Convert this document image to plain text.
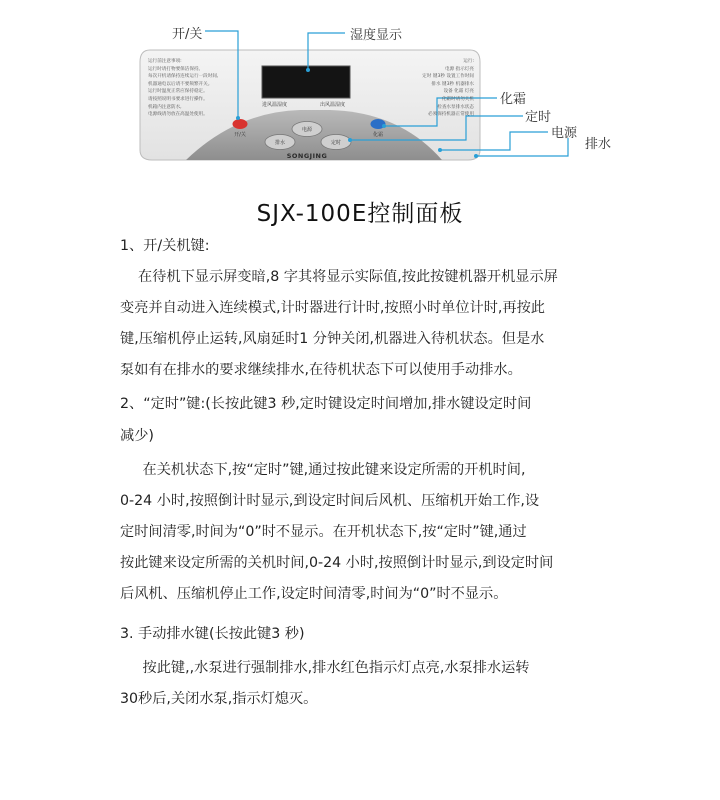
开/关	湿度显示
化霜
定时
电源
排水
运行前注意事项:
运行时请打物要保洁保持。
每次开机请保持连续运行一段时间,
机器通电以后请不要频繁开关。
运行时温度正常应保持稳定。
请按照说明书要求进行操作。
机箱内注意防水,
电源线请勿放在高温处使用。
运行:
电源 指示灯亮
定时 键3秒 设置工作时间
排水 键3秒 机器排水
设备 化霜 灯亮
化霜时请勿关机
检查水泵排水状态
必须保持机器正常使用
进风温湿度	出风温湿度
开/关	化霜
电源
排水	定时
SONGJING
SJX-100E控制面板
1、开/关机键:
在待机下显示屏变暗,8 字其将显示实际值,按此按键机器开机显示屏
变亮并自动进入连续模式,计时器进行计时,按照小时单位计时,再按此
键,压缩机停止运转,风扇延时1 分钟关闭,机器进入待机状态。但是水
泵如有在排水的要求继续排水,在待机状态下可以使用手动排水。
2、“定时”键:(长按此键3 秒,定时键设定时间增加,排水键设定时间
减少)
在关机状态下,按“定时”键,通过按此键来设定所需的开机时间,
0-24 小时,按照倒计时显示,到设定时间后风机、压缩机开始工作,设
定时间清零,时间为“0”时不显示。在开机状态下,按“定时”键,通过
按此键来设定所需的关机时间,0-24 小时,按照倒计时显示,到设定时间
后风机、压缩机停止工作,设定时间清零,时间为“0”时不显示。
3. 手动排水键(长按此键3 秒)
按此键,,水泵进行强制排水,排水红色指示灯点亮,水泵排水运转
30秒后,关闭水泵,指示灯熄灭。
